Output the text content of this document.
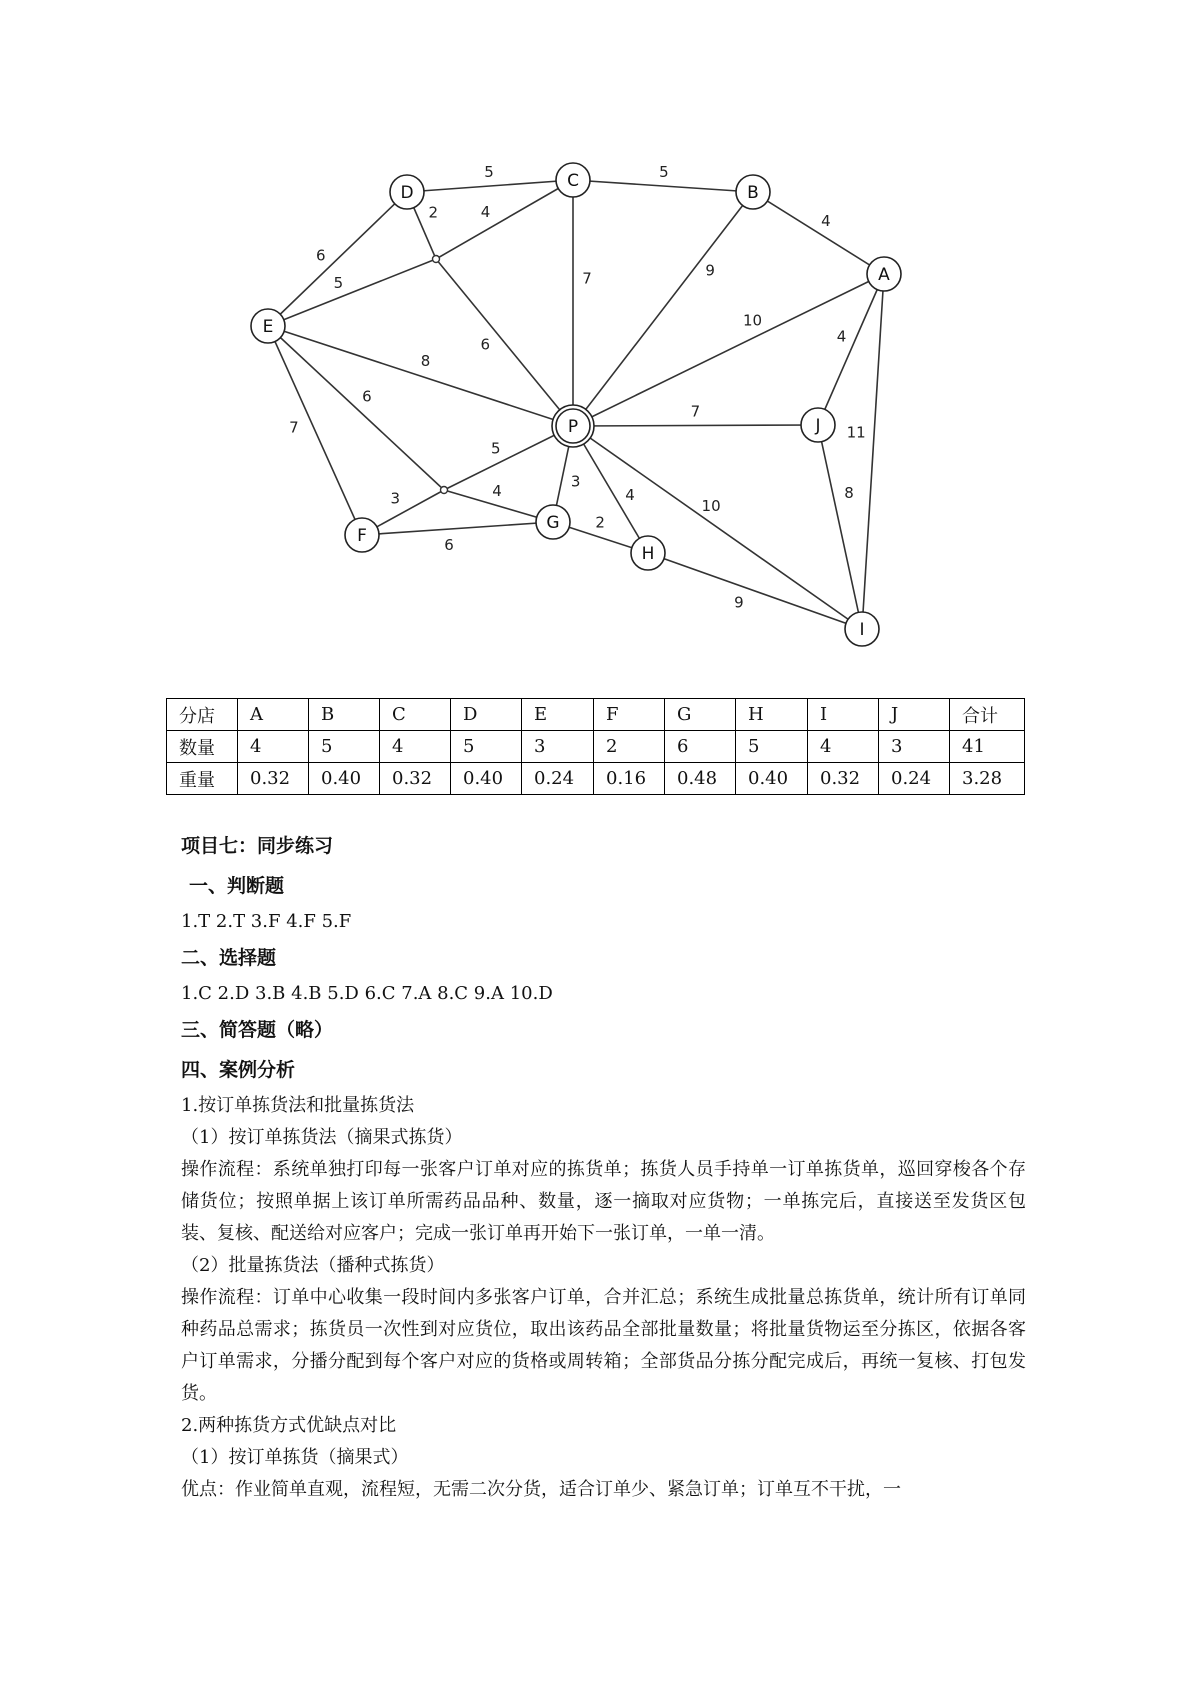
5	5
4
6
2	4
5
6
7	9
10
4
11
8
7
7
6
5
3	4
3
4
10
8
6
2
9
D
C
B
A
E
P	J
F
G
H
I
分店	A	B	C	D	E	F	G	H	I	J	合计
数量	4	5	4	5	3	2	6	5	4	3	41
重量	0.32	0.40	0.32	0.40	0.24	0.16	0.48	0.40	0.32	0.24	3.28
项目七：同步练习
一、判断题
1.T 2.T 3.F 4.F 5.F
二、选择题
1.C 2.D 3.B 4.B 5.D 6.C 7.A 8.C 9.A 10.D
三、简答题（略）
四、案例分析
1.按订单拣货法和批量拣货法
（1）按订单拣货法（摘果式拣货）
操作流程：系统单独打印每一张客户订单对应的拣货单；拣货人员手持单一订单拣货单，巡回穿梭各个存储货位；按照单据上该订单所需药品品种、数量，逐一摘取对应货物；一单拣完后，直接送至发货区包装、复核、配送给对应客户；完成一张订单再开始下一张订单，一单一清。
（2）批量拣货法（播种式拣货）
操作流程：订单中心收集一段时间内多张客户订单，合并汇总；系统生成批量总拣货单，统计所有订单同种药品总需求；拣货员一次性到对应货位，取出该药品全部批量数量；将批量货物运至分拣区，依据各客户订单需求，分播分配到每个客户对应的货格或周转箱；全部货品分拣分配完成后，再统一复核、打包发货。
2.两种拣货方式优缺点对比
（1）按订单拣货（摘果式）
优点：作业简单直观，流程短，无需二次分货，适合订单少、紧急订单；订单互不干扰，一
